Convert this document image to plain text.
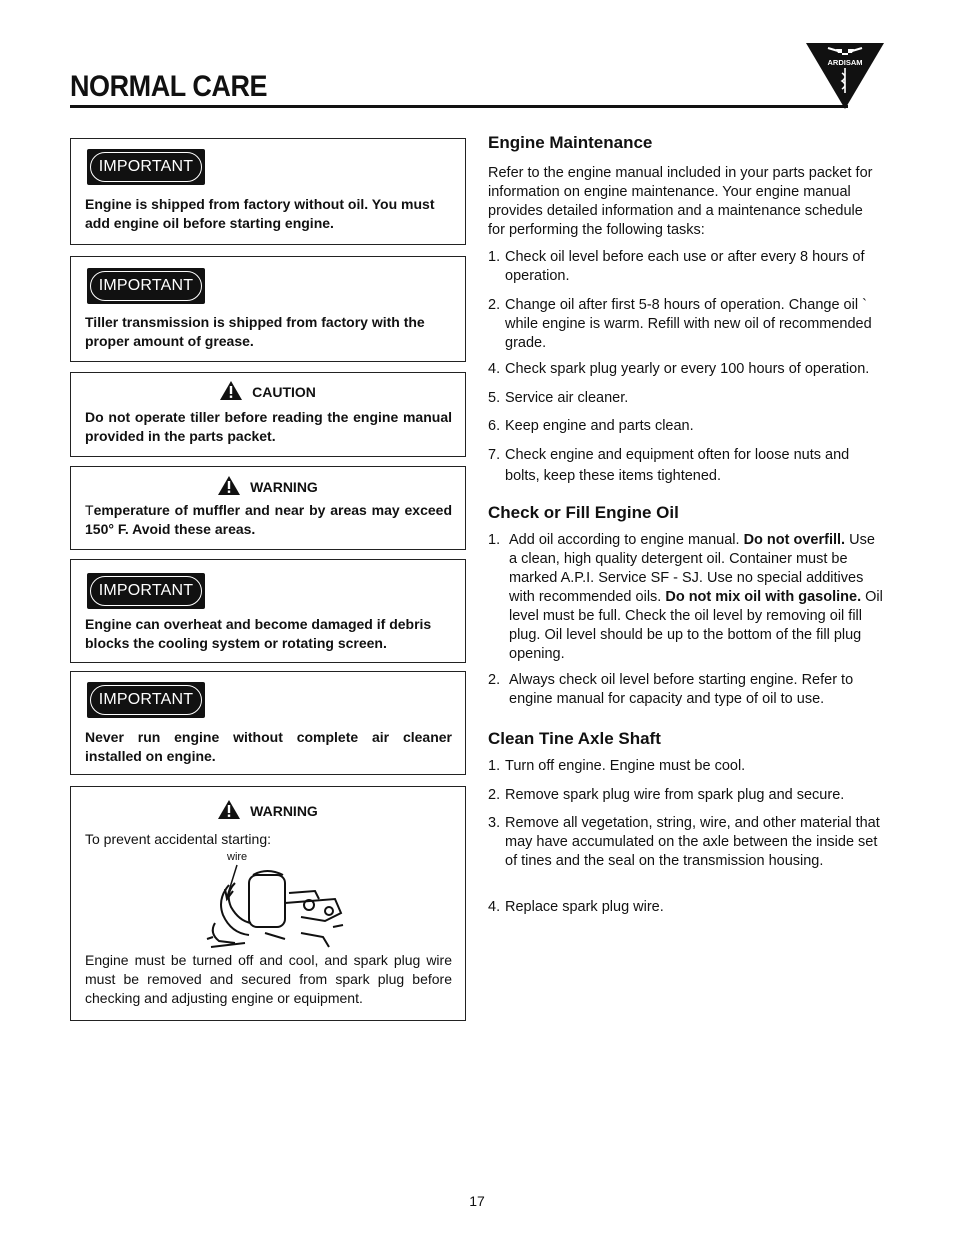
NORMAL CARE
ARDISAM
IMPORTANT
Engine is shipped from factory without oil. You must add engine oil before starting engine.
IMPORTANT
Tiller transmission is shipped from factory with the proper amount of grease.
CAUTION
Do not operate tiller before reading the engine manual provided in the parts packet.
WARNING
Temperature of muffler and near by areas may exceed 150° F. Avoid these areas.
IMPORTANT
Engine can overheat and become damaged if debris blocks the cooling system or rotating screen.
IMPORTANT
Never run engine without complete air cleaner installed on engine.
WARNING
To prevent accidental starting:
wire
Engine must be turned off and cool, and spark plug wire must be removed and secured from spark plug before checking and adjusting engine or equipment.
Engine Maintenance
Refer to the engine manual included in your parts packet for information on engine maintenance. Your engine manual provides detailed information and a maintenance schedule for performing the following tasks:
1. Check oil level before each use or after every 8 hours of operation.
2. Change oil after first 5-8 hours of operation. Change oil ` while engine is warm. Refill with new oil of recommended grade.
4. Check spark plug yearly or every 100 hours of operation.
5. Service air cleaner.
6. Keep engine and parts clean.
7. Check engine and equipment often for loose nuts and bolts, keep these items tightened.
Check or Fill Engine Oil
1. Add oil according to engine manual. Do not overfill. Use a clean, high quality detergent oil. Container must be marked A.P.I. Service SF - SJ. Use no special additives with recommended oils. Do not mix oil with gasoline. Oil level must be full. Check the oil level by removing oil fill plug. Oil level should be up to the bottom of the fill plug opening.
2. Always check oil level before starting engine. Refer to engine manual for capacity and type of oil to use.
Clean Tine Axle Shaft
1. Turn off engine. Engine must be cool.
2. Remove spark plug wire from spark plug and secure.
3. Remove all vegetation, string, wire, and other material that may have accumulated on the axle between the inside set of tines and the seal on the transmission housing.
4. Replace spark plug wire.
17
